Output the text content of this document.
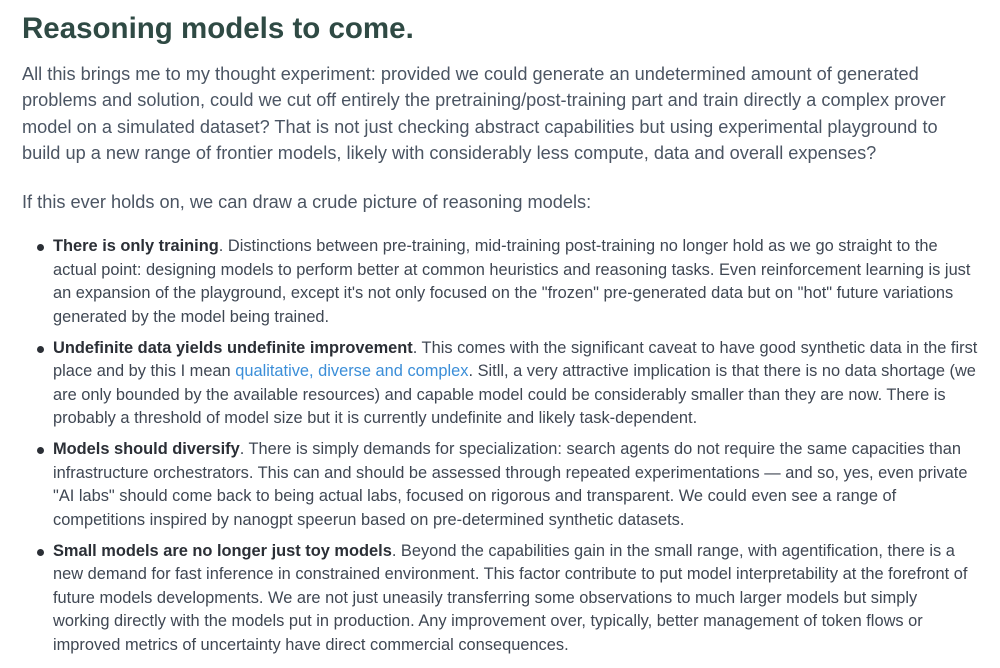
Reasoning models to come.

All this brings me to my thought experiment: provided we could generate an undetermined amount of generated problems and solution, could we cut off entirely the pretraining/post-training part and train directly a complex prover model on a simulated dataset? That is not just checking abstract capabilities but using experimental playground to build up a new range of frontier models, likely with considerably less compute, data and overall expenses?

If this ever holds on, we can draw a crude picture of reasoning models:

There is only training. Distinctions between pre-training, mid-training post-training no longer hold as we go straight to the actual point: designing models to perform better at common heuristics and reasoning tasks. Even reinforcement learning is just an expansion of the playground, except it's not only focused on the "frozen" pre-generated data but on "hot" future variations generated by the model being trained.
Undefinite data yields undefinite improvement. This comes with the significant caveat to have good synthetic data in the first place and by this I mean qualitative, diverse and complex. Sitll, a very attractive implication is that there is no data shortage (we are only bounded by the available resources) and capable model could be considerably smaller than they are now. There is probably a threshold of model size but it is currently undefinite and likely task-dependent.
Models should diversify. There is simply demands for specialization: search agents do not require the same capacities than infrastructure orchestrators. This can and should be assessed through repeated experimentations — and so, yes, even private "AI labs" should come back to being actual labs, focused on rigorous and transparent. We could even see a range of competitions inspired by nanogpt speerun based on pre-determined synthetic datasets.
Small models are no longer just toy models. Beyond the capabilities gain in the small range, with agentification, there is a new demand for fast inference in constrained environment. This factor contribute to put model interpretability at the forefront of future models developments. We are not just uneasily transferring some observations to much larger models but simply working directly with the models put in production. Any improvement over, typically, better management of token flows or improved metrics of uncertainty have direct commercial consequences.
